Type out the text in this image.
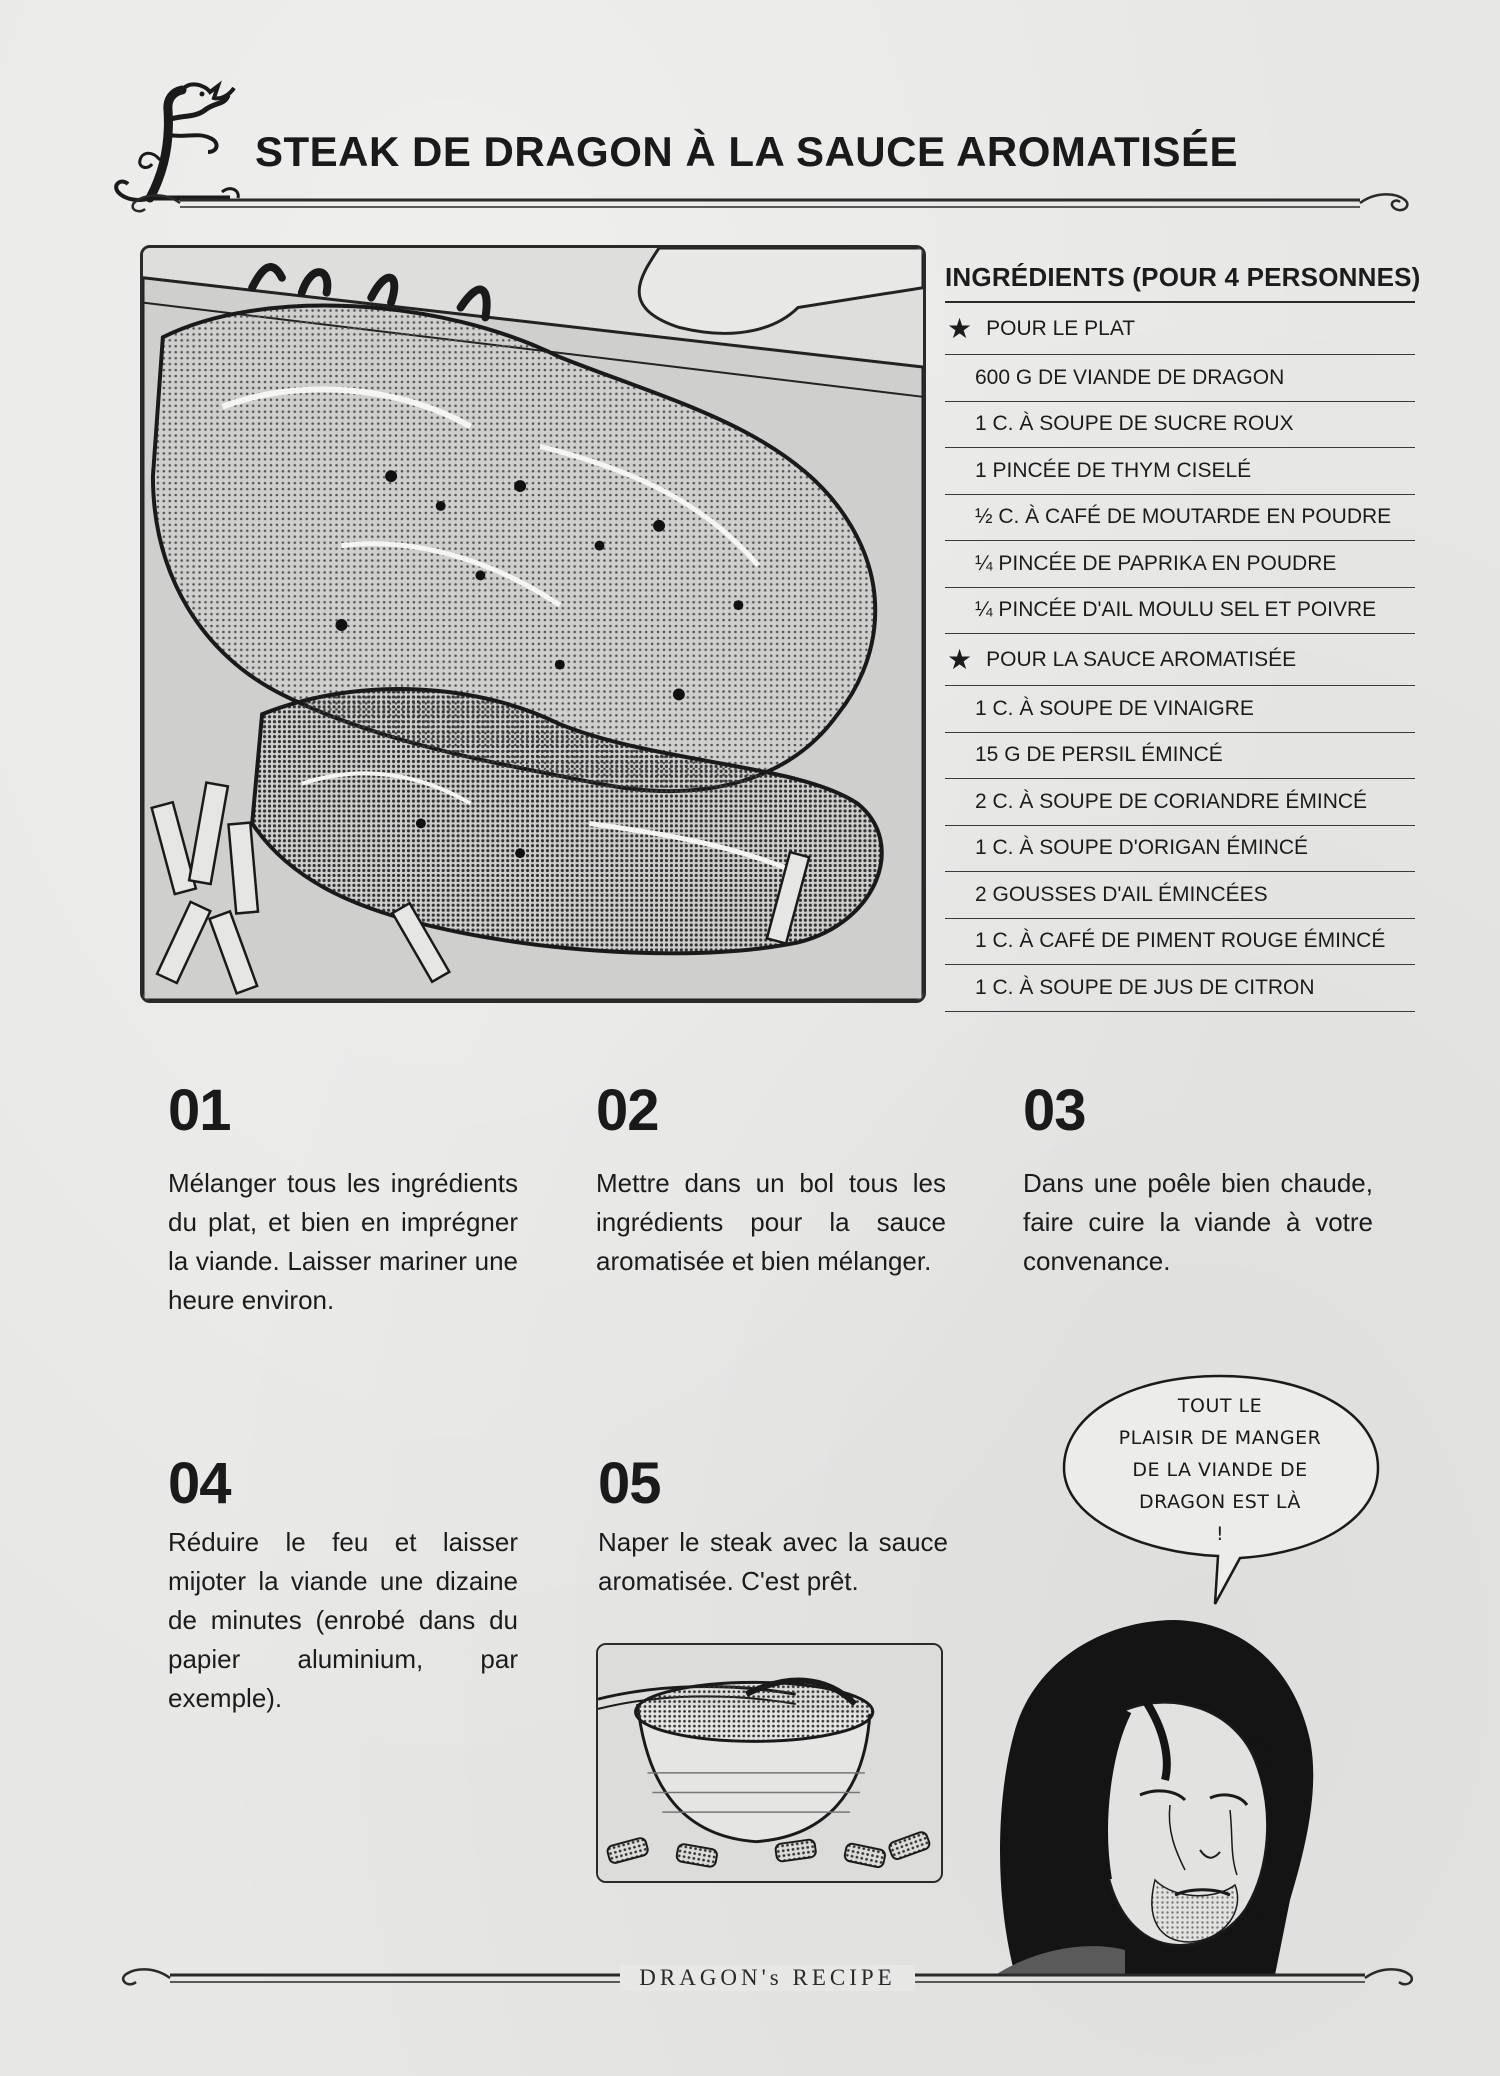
STEAK DE DRAGON À LA SAUCE AROMATISÉE
INGRÉDIENTS (POUR 4 PERSONNES)
★ POUR LE PLAT
600 G DE VIANDE DE DRAGON
1 C. À SOUPE DE SUCRE ROUX
1 PINCÉE DE THYM CISELÉ
½ C. À CAFÉ DE MOUTARDE EN POUDRE
¼ PINCÉE DE PAPRIKA EN POUDRE
¼ PINCÉE D'AIL MOULU SEL ET POIVRE
★ POUR LA SAUCE AROMATISÉE
1 C. À SOUPE DE VINAIGRE
15 G DE PERSIL ÉMINCÉ
2 C. À SOUPE DE CORIANDRE ÉMINCÉ
1 C. À SOUPE D'ORIGAN ÉMINCÉ
2 GOUSSES D'AIL ÉMINCÉES
1 C. À CAFÉ DE PIMENT ROUGE ÉMINCÉ
1 C. À SOUPE DE JUS DE CITRON
01
Mélanger tous les ingrédients du plat, et bien en imprégner la viande. Laisser mariner une heure environ.
02
Mettre dans un bol tous les ingrédients pour la sauce aromatisée et bien mélanger.
03
Dans une poêle bien chaude, faire cuire la viande à votre convenance.
04
Réduire le feu et laisser mijoter la viande une dizaine de minutes (enrobé dans du papier aluminium, par exemple).
05
Naper le steak avec la sauce aromatisée. C'est prêt.
TOUT LE
PLAISIR DE MANGER
DE LA VIANDE DE
DRAGON EST LÀ
!
DRAGON's RECIPE
